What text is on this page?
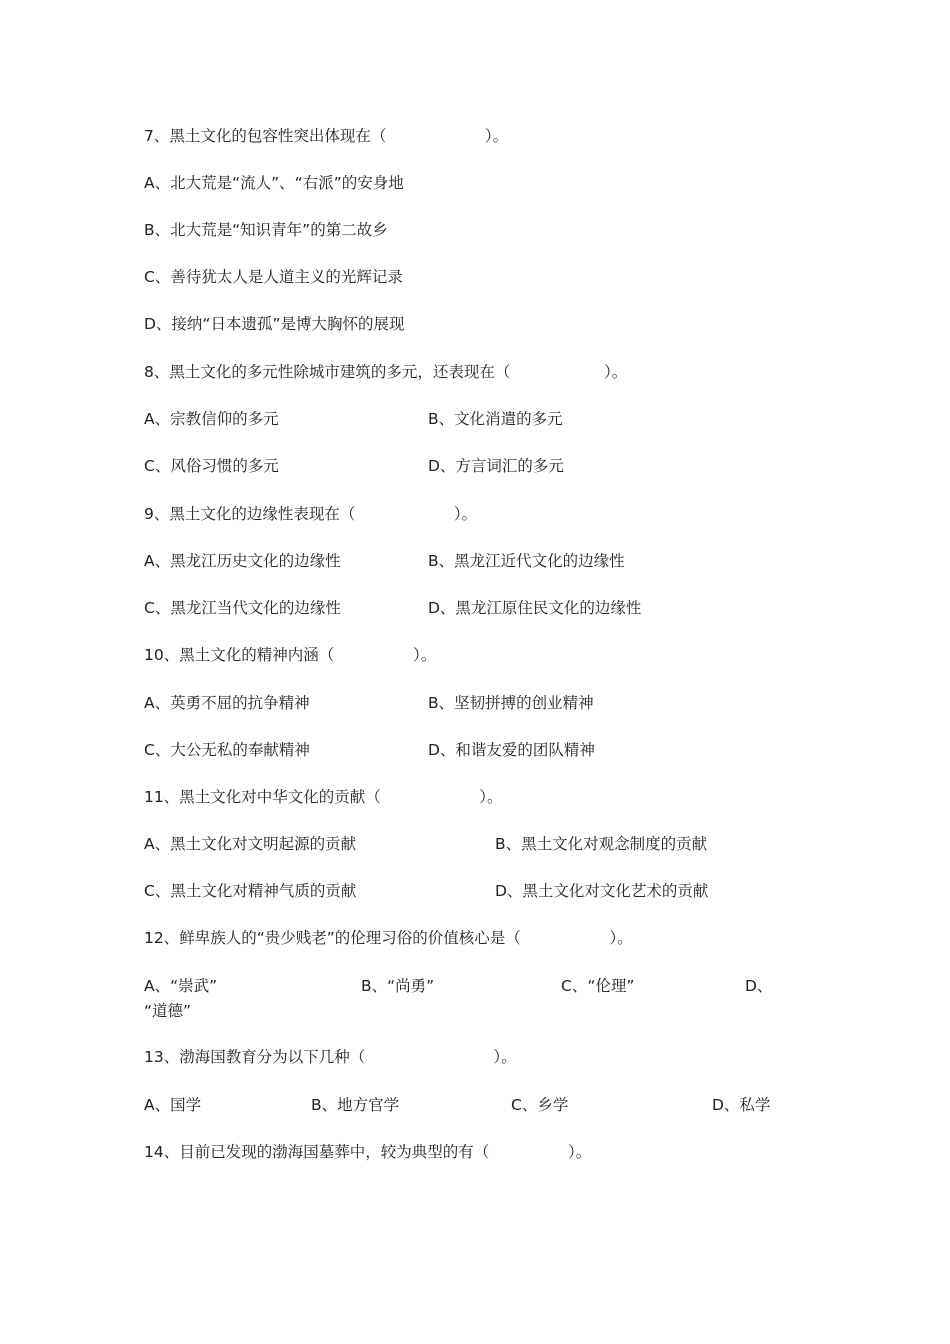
7、黑土文化的包容性突出体现在（                    ）。
A、北大荒是“流人”、“右派”的安身地
B、北大荒是“知识青年”的第二故乡
C、善待犹太人是人道主义的光辉记录
D、接纳“日本遗孤”是博大胸怀的展现
8、黑土文化的多元性除城市建筑的多元，还表现在（                   ）。
A、宗教信仰的多元	B、文化消遣的多元
C、风俗习惯的多元	D、方言词汇的多元
9、黑土文化的边缘性表现在（                    ）。
A、黑龙江历史文化的边缘性	B、黑龙江近代文化的边缘性
C、黑龙江当代文化的边缘性	D、黑龙江原住民文化的边缘性
10、黑土文化的精神内涵（                ）。
A、英勇不屈的抗争精神	B、坚韧拼搏的创业精神
C、大公无私的奉献精神	D、和谐友爱的团队精神
11、黑土文化对中华文化的贡献（                    ）。
A、黑土文化对文明起源的贡献	B、黑土文化对观念制度的贡献
C、黑土文化对精神气质的贡献	D、黑土文化对文化艺术的贡献
12、鲜卑族人的“贵少贱老”的伦理习俗的价值核心是（                  ）。
A、“崇武”	B、“尚勇”	C、“伦理”	D、
“道德”
13、渤海国教育分为以下几种（                          ）。
A、国学	B、地方官学	C、乡学	D、私学
14、目前已发现的渤海国墓葬中，较为典型的有（                ）。
